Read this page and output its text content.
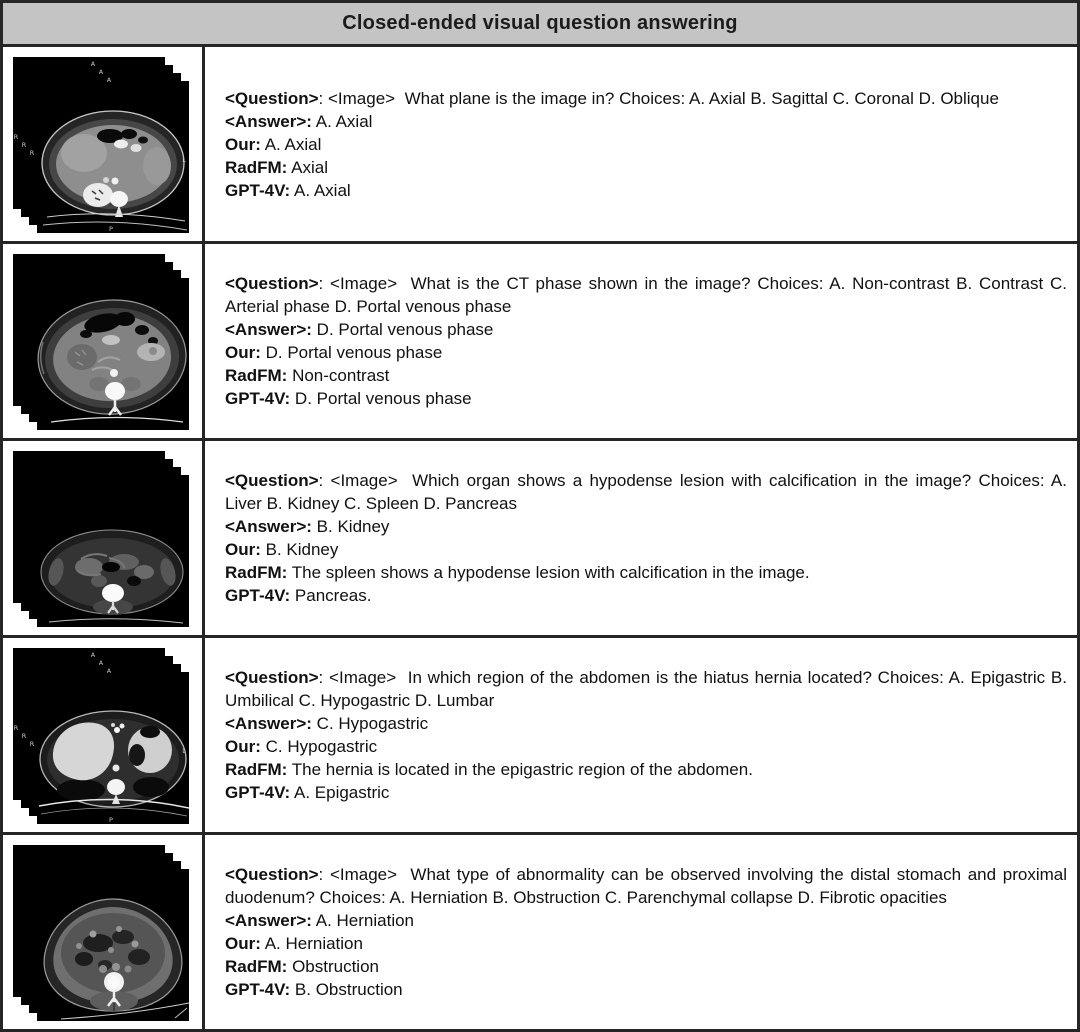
Closed-ended visual question answering
A
A
A
R
R
R
L
P

<Question>: <Image> What plane is the image in? Choices: A. Axial B. Sagittal C. Coronal D. Oblique

<Answer>: A. Axial

Our: A. Axial

RadFM: Axial

GPT-4V: A. Axial

<Question>: <Image> What is the CT phase shown in the image? Choices: A. Non-contrast B. Contrast C. Arterial phase D. Portal venous phase

<Answer>: D. Portal venous phase

Our: D. Portal venous phase

RadFM: Non-contrast

GPT-4V: D. Portal venous phase

<Question>: <Image> Which organ shows a hypodense lesion with calcification in the image? Choices: A. Liver B. Kidney C. Spleen D. Pancreas

<Answer>: B. Kidney

Our: B. Kidney

RadFM: The spleen shows a hypodense lesion with calcification in the image.

GPT-4V: Pancreas.

A
A
A
R
R
R
L
P

<Question>: <Image> In which region of the abdomen is the hiatus hernia located? Choices: A. Epigastric B. Umbilical C. Hypogastric D. Lumbar

<Answer>: C. Hypogastric

Our: C. Hypogastric

RadFM: The hernia is located in the epigastric region of the abdomen.

GPT-4V: A. Epigastric

<Question>: <Image> What type of abnormality can be observed involving the distal stomach and proximal duodenum? Choices: A. Herniation B. Obstruction C. Parenchymal collapse D. Fibrotic opacities

<Answer>: A. Herniation

Our: A. Herniation

RadFM: Obstruction

GPT-4V: B. Obstruction
